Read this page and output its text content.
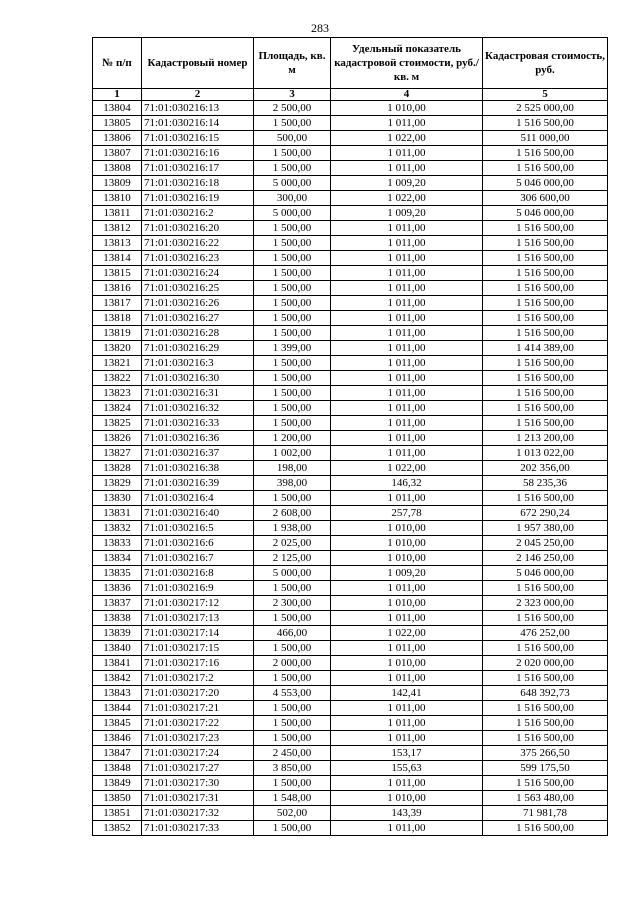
283
№ п/п	Кадастровый номер	Площадь, кв. м	Удельный показатель кадастровой стоимости, руб./кв. м	Кадастровая стоимость, руб.
1	2	3	4	5
13804	71:01:030216:13	2 500,00	1 010,00	2 525 000,00
13805	71:01:030216:14	1 500,00	1 011,00	1 516 500,00
13806	71:01:030216:15	500,00	1 022,00	511 000,00
13807	71:01:030216:16	1 500,00	1 011,00	1 516 500,00
13808	71:01:030216:17	1 500,00	1 011,00	1 516 500,00
13809	71:01:030216:18	5 000,00	1 009,20	5 046 000,00
13810	71:01:030216:19	300,00	1 022,00	306 600,00
13811	71:01:030216:2	5 000,00	1 009,20	5 046 000,00
13812	71:01:030216:20	1 500,00	1 011,00	1 516 500,00
13813	71:01:030216:22	1 500,00	1 011,00	1 516 500,00
13814	71:01:030216:23	1 500,00	1 011,00	1 516 500,00
13815	71:01:030216:24	1 500,00	1 011,00	1 516 500,00
13816	71:01:030216:25	1 500,00	1 011,00	1 516 500,00
13817	71:01:030216:26	1 500,00	1 011,00	1 516 500,00
13818	71:01:030216:27	1 500,00	1 011,00	1 516 500,00
13819	71:01:030216:28	1 500,00	1 011,00	1 516 500,00
13820	71:01:030216:29	1 399,00	1 011,00	1 414 389,00
13821	71:01:030216:3	1 500,00	1 011,00	1 516 500,00
13822	71:01:030216:30	1 500,00	1 011,00	1 516 500,00
13823	71:01:030216:31	1 500,00	1 011,00	1 516 500,00
13824	71:01:030216:32	1 500,00	1 011,00	1 516 500,00
13825	71:01:030216:33	1 500,00	1 011,00	1 516 500,00
13826	71:01:030216:36	1 200,00	1 011,00	1 213 200,00
13827	71:01:030216:37	1 002,00	1 011,00	1 013 022,00
13828	71:01:030216:38	198,00	1 022,00	202 356,00
13829	71:01:030216:39	398,00	146,32	58 235,36
13830	71:01:030216:4	1 500,00	1 011,00	1 516 500,00
13831	71:01:030216:40	2 608,00	257,78	672 290,24
13832	71:01:030216:5	1 938,00	1 010,00	1 957 380,00
13833	71:01:030216:6	2 025,00	1 010,00	2 045 250,00
13834	71:01:030216:7	2 125,00	1 010,00	2 146 250,00
13835	71:01:030216:8	5 000,00	1 009,20	5 046 000,00
13836	71:01:030216:9	1 500,00	1 011,00	1 516 500,00
13837	71:01:030217:12	2 300,00	1 010,00	2 323 000,00
13838	71:01:030217:13	1 500,00	1 011,00	1 516 500,00
13839	71:01:030217:14	466,00	1 022,00	476 252,00
13840	71:01:030217:15	1 500,00	1 011,00	1 516 500,00
13841	71:01:030217:16	2 000,00	1 010,00	2 020 000,00
13842	71:01:030217:2	1 500,00	1 011,00	1 516 500,00
13843	71:01:030217:20	4 553,00	142,41	648 392,73
13844	71:01:030217:21	1 500,00	1 011,00	1 516 500,00
13845	71:01:030217:22	1 500,00	1 011,00	1 516 500,00
13846	71:01:030217:23	1 500,00	1 011,00	1 516 500,00
13847	71:01:030217:24	2 450,00	153,17	375 266,50
13848	71:01:030217:27	3 850,00	155,63	599 175,50
13849	71:01:030217:30	1 500,00	1 011,00	1 516 500,00
13850	71:01:030217:31	1 548,00	1 010,00	1 563 480,00
13851	71:01:030217:32	502,00	143,39	71 981,78
13852	71:01:030217:33	1 500,00	1 011,00	1 516 500,00
